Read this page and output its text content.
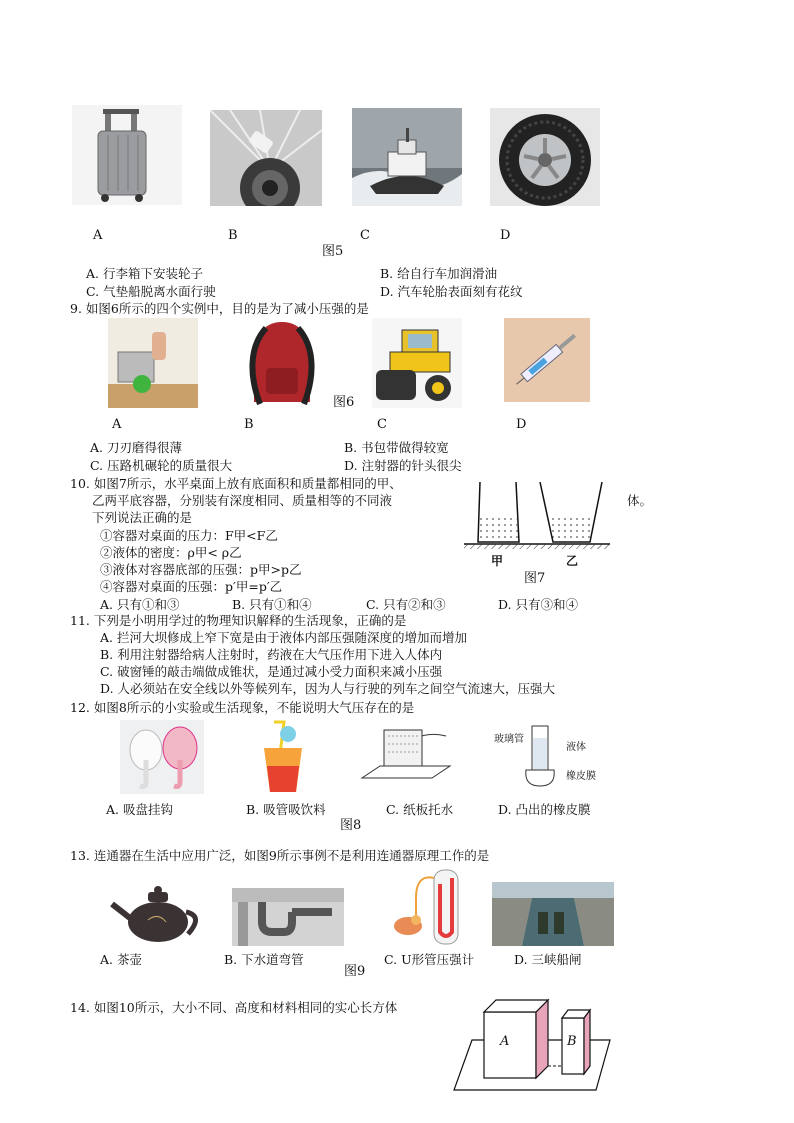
A	B	C	D
图5
A. 行李箱下安装轮子	B. 给自行车加润滑油
C. 气垫船脱离水面行驶	D. 汽车轮胎表面刻有花纹
9. 如图6所示的四个实例中，目的是为了减小压强的是
A	B
图6
C	D
A. 刀刃磨得很薄	B. 书包带做得较宽
C. 压路机碾轮的质量很大	D. 注射器的针头很尖
10. 如图7所示，水平桌面上放有底面积和质量都相同的甲、
乙两平底容器，分别装有深度相同、质量相等的不同液	体。
下列说法正确的是
①容器对桌面的压力：F甲<F乙
②液体的密度：ρ甲< ρ乙
③液体对容器底部的压强：p甲>p乙
④容器对桌面的压强：p′甲=p′乙
A. 只有①和③	B. 只有①和④	C. 只有②和③	D. 只有③和④
甲	乙
图7
11. 下列是小明用学过的物理知识解释的生活现象，正确的是
A. 拦河大坝修成上窄下宽是由于液体内部压强随深度的增加而增加
B. 利用注射器给病人注射时，药液在大气压作用下进入人体内
C. 破窗锤的敲击端做成锥状，是通过减小受力面积来减小压强
D. 人必须站在安全线以外等候列车，因为人与行驶的列车之间空气流速大，压强大
12. 如图8所示的小实验或生活现象，不能说明大气压存在的是
玻璃管
液体
橡皮膜
A. 吸盘挂钩	B. 吸管吸饮料	C. 纸板托水	D. 凸出的橡皮膜
图8
13. 连通器在生活中应用广泛，如图9所示事例不是利用连通器原理工作的是
A. 茶壶	B. 下水道弯管	C. U形管压强计	D. 三峡船闸
图9
14. 如图10所示，大小不同、高度和材料相同的实心长方体
A	B
